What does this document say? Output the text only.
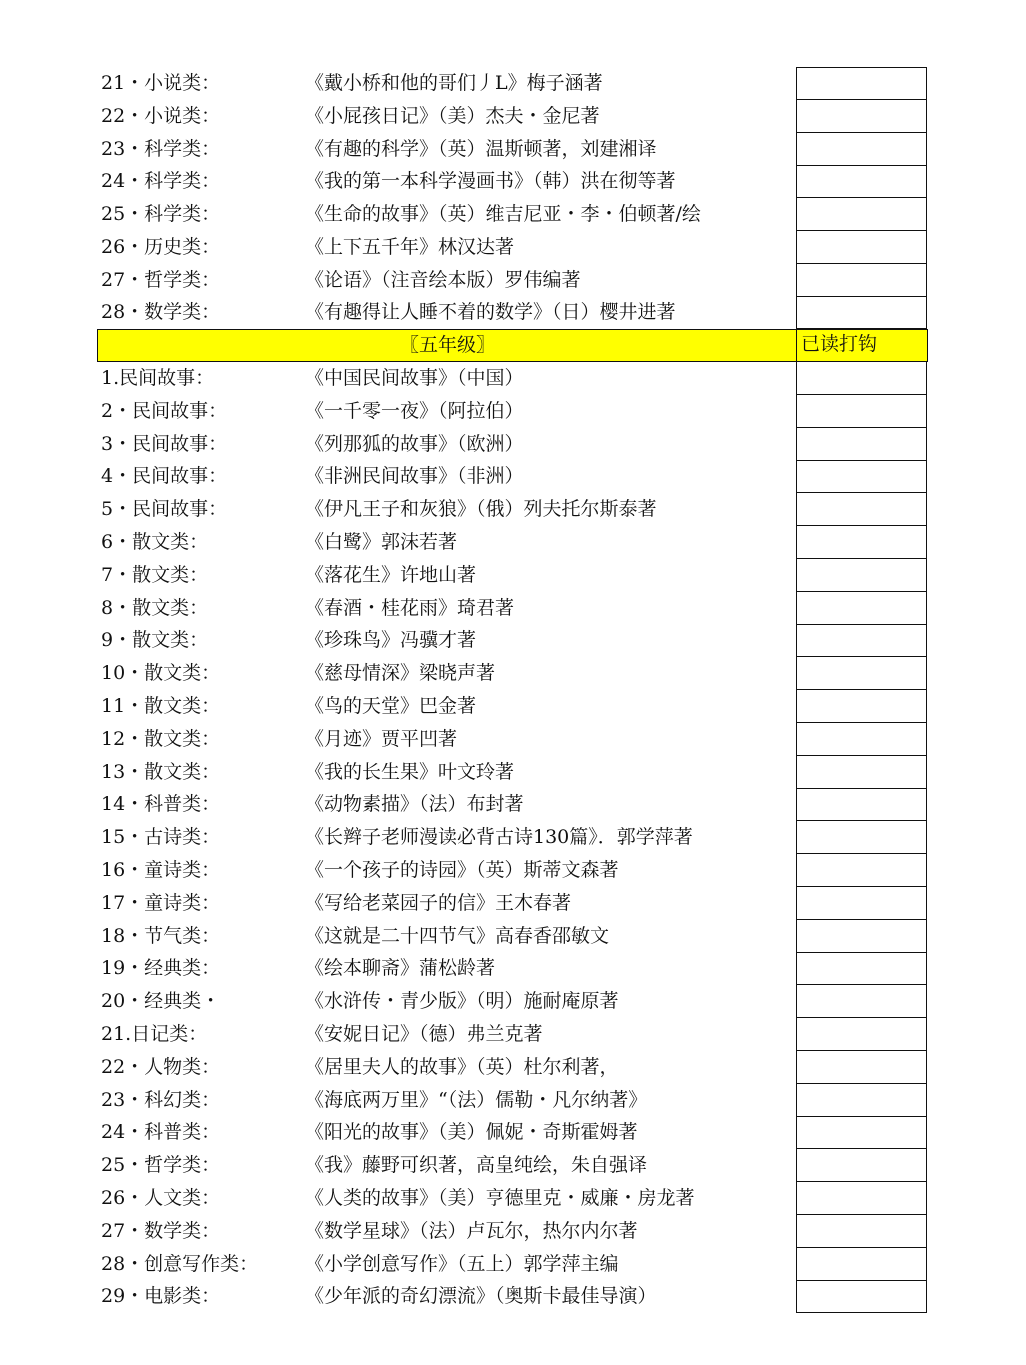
21・小说类：	《戴小桥和他的哥们丿L》梅子涵著
22・小说类：	《小屁孩日记》（美）杰夫・金尼著
23・科学类：	《有趣的科学》（英）温斯顿著，刘建湘译
24・科学类：	《我的第一本科学漫画书》（韩）洪在彻等著
25・科学类：	《生命的故事》（英）维吉尼亚・李・伯顿著/绘
26・历史类：	《上下五千年》林汉达著
27・哲学类：	《论语》（注音绘本版）罗伟编著
28・数学类：	《有趣得让人睡不着的数学》（日）樱井进著
〖五年级〗	已读打钩
1.民间故事：	《中国民间故事》（中国）
2・民间故事：	《一千零一夜》（阿拉伯）
3・民间故事：	《列那狐的故事》（欧洲）
4・民间故事：	《非洲民间故事》（非洲）
5・民间故事：	《伊凡王子和灰狼》（俄）列夫托尔斯泰著
6・散文类：	《白鹭》郭沫若著
7・散文类：	《落花生》许地山著
8・散文类：	《春酒・桂花雨》琦君著
9・散文类：	《珍珠鸟》冯骥才著
10・散文类：	《慈母情深》梁晓声著
11・散文类：	《鸟的天堂》巴金著
12・散文类：	《月迹》贾平凹著
13・散文类：	《我的长生果》叶文玲著
14・科普类：	《动物素描》（法）布封著
15・古诗类：	《长辫子老师漫读必背古诗130篇》．郭学萍著
16・童诗类：	《一个孩子的诗园》（英）斯蒂文森著
17・童诗类：	《写给老菜园子的信》王木春著
18・节气类：	《这就是二十四节气》高春香邵敏文
19・经典类：	《绘本聊斋》蒲松龄著
20・经典类・	《水浒传・青少版》（明）施耐庵原著
21.日记类：	《安妮日记》（德）弗兰克著
22・人物类：	《居里夫人的故事》（英）杜尔利著，
23・科幻类：	《海底两万里》“（法）儒勒・凡尔纳著》
24・科普类：	《阳光的故事》（美）佩妮・奇斯霍姆著
25・哲学类：	《我》藤野可织著，高皇纯绘，朱自强译
26・人文类：	《人类的故事》（美）亨德里克・威廉・房龙著
27・数学类：	《数学星球》（法）卢瓦尔，热尔内尔著
28・创意写作类： 《小学创意写作》（五上）郭学萍主编
29・电影类：	《少年派的奇幻漂流》（奥斯卡最佳导演）
